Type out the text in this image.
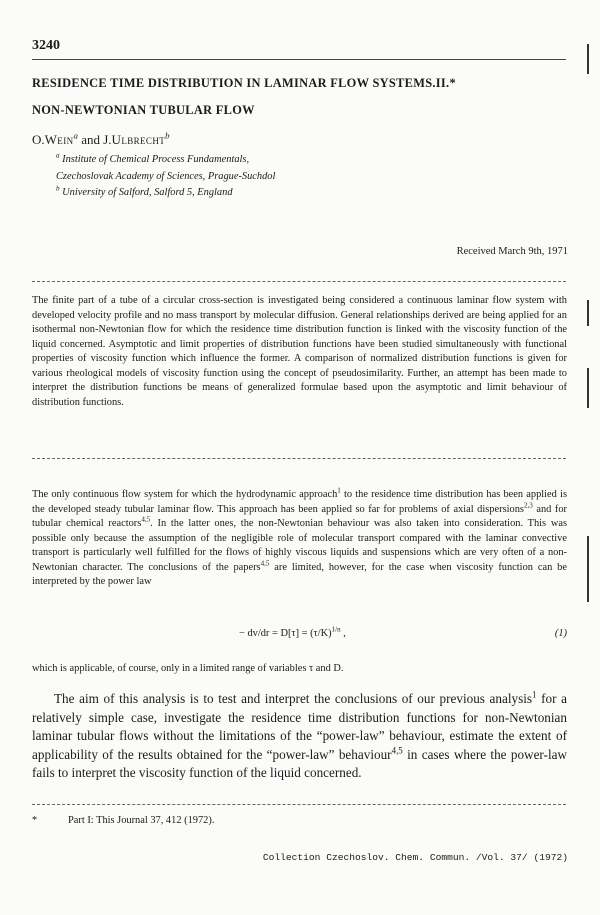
3240
RESIDENCE TIME DISTRIBUTION IN LAMINAR FLOW SYSTEMS.II.*
NON-NEWTONIAN TUBULAR FLOW
O.Wein$^a$ and J.Ulbrecht$^b$
$^a$ Institute of Chemical Process Fundamentals,
Czechoslovak Academy of Sciences, Prague-Suchdol
$^b$ University of Salford, Salford 5, England
Received March 9th, 1971

The finite part of a tube of a circular cross-section is investigated being considered a continuous laminar flow system with developed velocity profile and no mass transport by molecular diffusion. General relationships derived are being applied for an isothermal non-Newtonian flow for which the residence time distribution function is linked with the viscosity function of the liquid concerned. Asymptotic and limit properties of distribution functions have been studied simultaneously with functional properties of viscosity function which influence the former. A comparison of normalized distribution functions is given for various rheological models of viscosity function using the concept of pseudosimilarity. Further, an attempt has been made to interpret the distribution functions be means of generalized formulae based upon the asymptotic and limit behaviour of distribution functions.

The only continuous flow system for which the hydrodynamic approach$^1$ to the residence time distribution has been applied is the developed steady tubular laminar flow. This approach has been applied so far for problems of axial dispersions$^{2,3}$ and for tubular chemical reactors$^{4,5}$. In the latter ones, the non-Newtonian behaviour was also taken into consideration. This was possible only because the assumption of the negligible role of molecular transport compared with the laminar convective transport is particularly well fulfilled for the flows of highly viscous liquids and suspensions which are very often of a non-Newtonian character. The conclusions of the papers$^{4,5}$ are limited, however, for the case when viscosity function can be interpreted by the power law

− $dv/dr = D[\tau] = (\tau/K)^{1/n}$ ,	(1)

which is applicable, of course, only in a limited range of variables τ and D.

The aim of this analysis is to test and interpret the conclusions of our previous analysis$^1$ for a relatively simple case, investigate the residence time distribution functions for non-Newtonian laminar tubular flows without the limitations of the “power-law” behaviour, estimate the extent of applicability of the results obtained for the “power-law” behaviour$^{4,5}$ in cases where the power-law fails to interpret the viscosity function of the liquid concerned.

*	Part I: This Journal 37, 412 (1972).
Collection Czechoslov. Chem. Commun. /Vol. 37/ (1972)
